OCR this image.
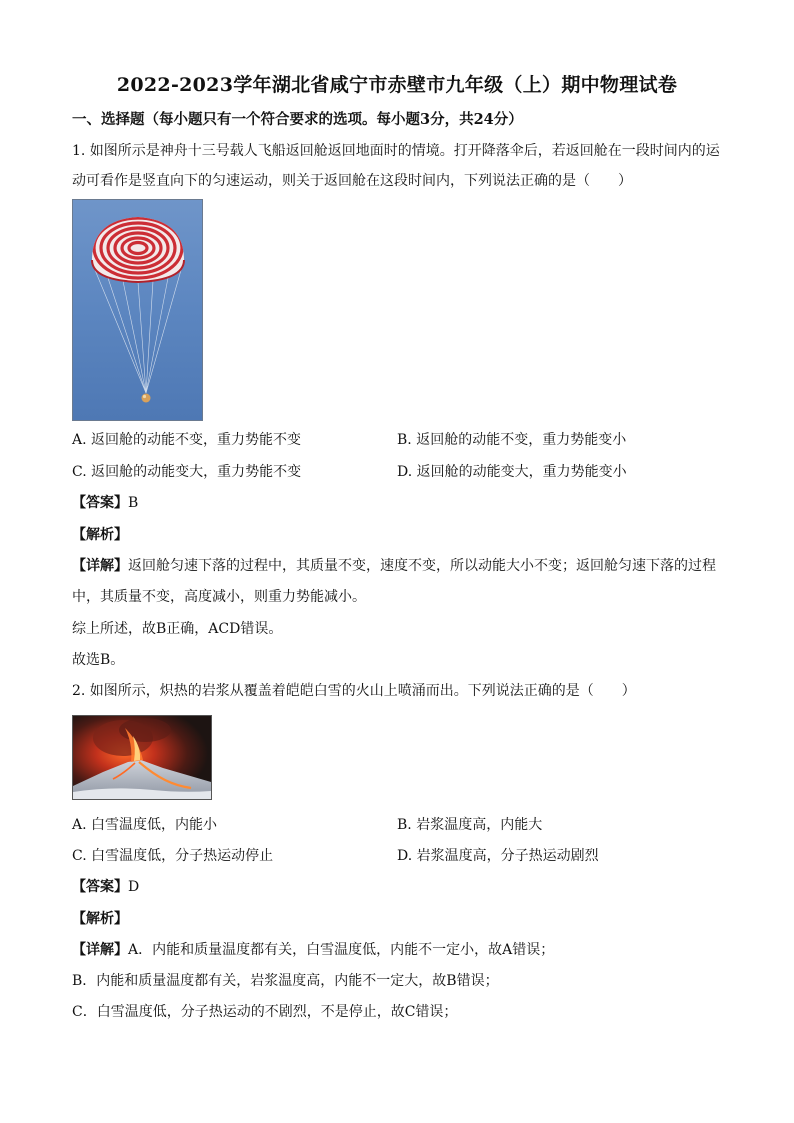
2022-2023学年湖北省咸宁市赤壁市九年级（上）期中物理试卷
一、选择题（每小题只有一个符合要求的选项。每小题3分，共24分）
1. 如图所示是神舟十三号载人飞船返回舱返回地面时的情境。打开降落伞后，若返回舱在一段时间内的运
动可看作是竖直向下的匀速运动，则关于返回舱在这段时间内，下列说法正确的是（　　）
A. 返回舱的动能不变，重力势能不变	B. 返回舱的动能不变，重力势能变小
C. 返回舱的动能变大，重力势能不变	D. 返回舱的动能变大，重力势能变小
【答案】B
【解析】
【详解】返回舱匀速下落的过程中，其质量不变，速度不变，所以动能大小不变；返回舱匀速下落的过程
中，其质量不变，高度减小，则重力势能减小。
综上所述，故B正确，ACD错误。
故选B。
2. 如图所示，炽热的岩浆从覆盖着皑皑白雪的火山上喷涌而出。下列说法正确的是（　　）
A. 白雪温度低，内能小	B. 岩浆温度高，内能大
C. 白雪温度低，分子热运动停止	D. 岩浆温度高，分子热运动剧烈
【答案】D
【解析】
【详解】A．内能和质量温度都有关，白雪温度低，内能不一定小，故A错误；
B．内能和质量温度都有关，岩浆温度高，内能不一定大，故B错误；
C．白雪温度低，分子热运动的不剧烈，不是停止，故C错误；
